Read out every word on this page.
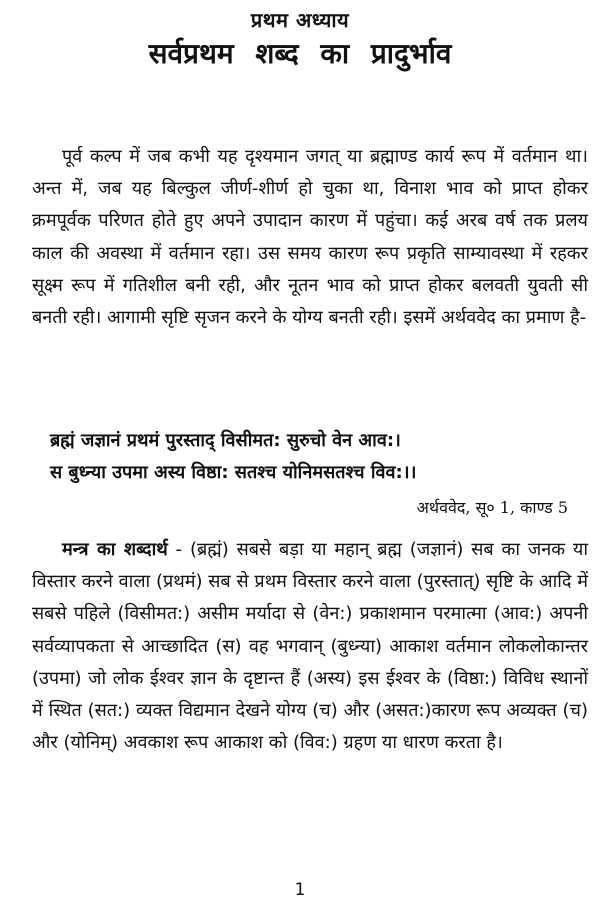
प्रथम अध्याय
सर्वप्रथम शब्द का प्रादुर्भाव

पूर्व कल्प में जब कभी यह दृश्यमान जगत् या ब्रह्माण्ड कार्य रूप में वर्तमान था। अन्त में, जब यह बिल्कुल जीर्ण-शीर्ण हो चुका था, विनाश भाव को प्राप्त होकर क्रमपूर्वक परिणत होते हुए अपने उपादान कारण में पहुंचा। कई अरब वर्ष तक प्रलय काल की अवस्था में वर्तमान रहा। उस समय कारण रूप प्रकृति साम्यावस्था में रहकर सूक्ष्म रूप में गतिशील बनी रही, और नूतन भाव को प्राप्त होकर बलवती युवती सी बनती रही। आगामी सृष्टि सृजन करने के योग्य बनती रही। इसमें अर्थववेद का प्रमाण है-

ब्रह्मं जज्ञानं प्रथमं पुरस्ताद् विसीमत: सुरुचो वेन आव:।

स बुध्न्या उपमा अस्य विष्ठा: सतश्च योनिमसतश्च विव:।।

अर्थववेद, सू० 1, काण्ड 5

मन्त्र का शब्दार्थ - (ब्रह्मं) सबसे बड़ा या महान् ब्रह्म (जज्ञानं) सब का जनक या विस्तार करने वाला (प्रथमं) सब से प्रथम विस्तार करने वाला (पुरस्तात्) सृष्टि के आदि में सबसे पहिले (विसीमत:) असीम मर्यादा से (वेन:) प्रकाशमान परमात्मा (आव:) अपनी सर्वव्यापकता से आच्छादित (स) वह भगवान् (बुध्न्या) आकाश वर्तमान लोकलोकान्तर (उपमा) जो लोक ईश्वर ज्ञान के दृष्टान्त हैं (अस्य) इस ईश्वर के (विष्ठा:) विविध स्थानों में स्थित (सत:) व्यक्त विद्यमान देखने योग्य (च) और (असत:)कारण रूप अव्यक्त (च) और (योनिम्) अवकाश रूप आकाश को (विव:) ग्रहण या धारण करता है।

1
